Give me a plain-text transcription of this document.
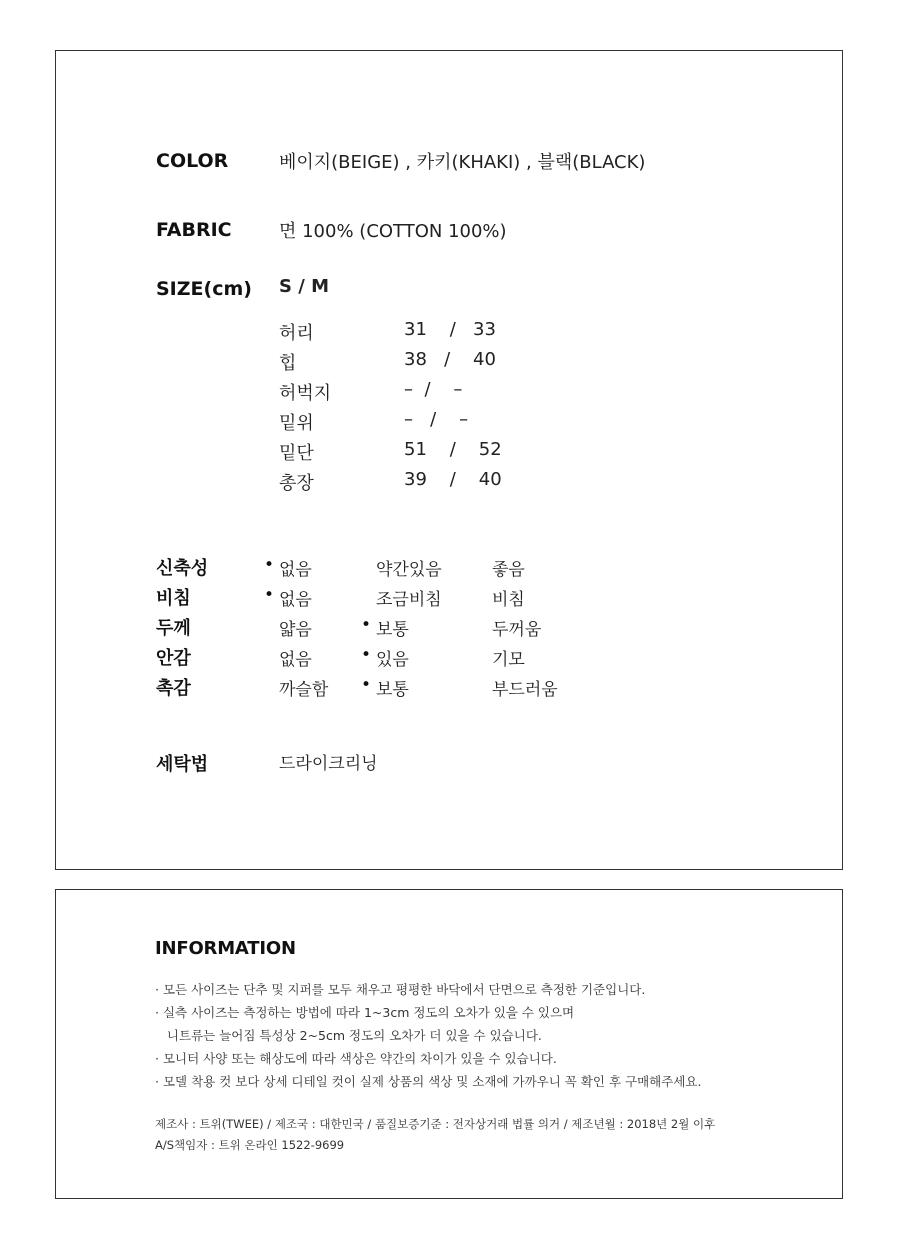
COLOR	베이지(BEIGE) , 카키(KHAKI) , 블랙(BLACK)
FABRIC	면 100% (COTTON 100%)
SIZE(cm) S / M
허리	31    /   33
힙	38   /    40
허벅지	–  /    –
밑위	–   /    –
밑단	51    /    52
총장	39    /    40
신축성	• 없음	약간있음	좋음
비침	• 없음	조금비침	비침
두께	얇음	• 보통	두꺼움
안감	없음	• 있음	기모
촉감	까슬함	• 보통	부드러움
세탁법	드라이크리닝
INFORMATION
· 모든 사이즈는 단추 및 지퍼를 모두 채우고 평평한 바닥에서 단면으로 측정한 기준입니다.
· 실측 사이즈는 측정하는 방법에 따라 1~3cm 정도의 오차가 있을 수 있으며
니트류는 늘어짐 특성상 2~5cm 정도의 오차가 더 있을 수 있습니다.
· 모니터 사양 또는 해상도에 따라 색상은 약간의 차이가 있을 수 있습니다.
· 모델 착용 컷 보다 상세 디테일 컷이 실제 상품의 색상 및 소재에 가까우니 꼭 확인 후 구매해주세요.
제조사 : 트위(TWEE) / 제조국 : 대한민국 / 품질보증기준 : 전자상거래 법률 의거 / 제조년월 : 2018년 2월 이후
A/S책임자 : 트위 온라인 1522-9699
